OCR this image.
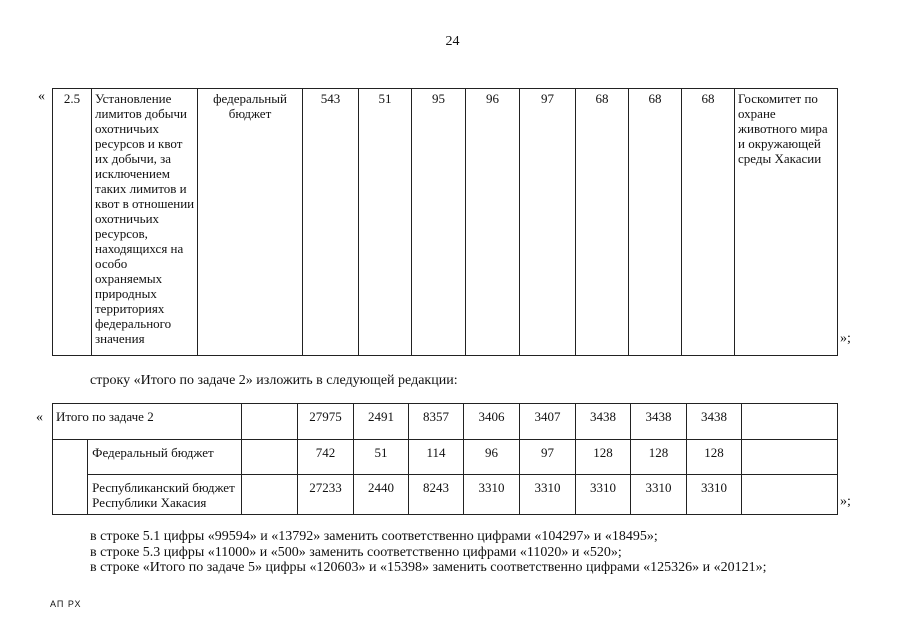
24
« 2.5	Установление лимитов добычи охотничьих ресурсов и квот их добычи, за исключением таких лимитов и квот в отношении охотничьих ресурсов, находящихся на особо охраняемых природных территориях федерального значения	федеральный бюджет	543	51	95	96	97	68	68	68	Госкомитет по охране животного мира и окружающей среды Хакасии
»;
строку «Итого по задаче 2» изложить в следующей редакции:
« Итого по задаче 2			27975	2491	8357	3406	3407	3438	3438	3438	
	Федеральный бюджет		742	51	114	96	97	128	128	128	
	Республиканский бюджет Республики Хакасия		27233	2440	8243	3310	3310	3310	3310	3310	
»;
в строке 5.1 цифры «99594» и «13792» заменить соответственно цифрами «104297» и «18495»;
в строке 5.3 цифры «11000» и «500» заменить соответственно цифрами «11020» и «520»;
в строке «Итого по задаче 5» цифры «120603» и «15398» заменить соответственно цифрами «125326» и «20121»;
АП РХ
